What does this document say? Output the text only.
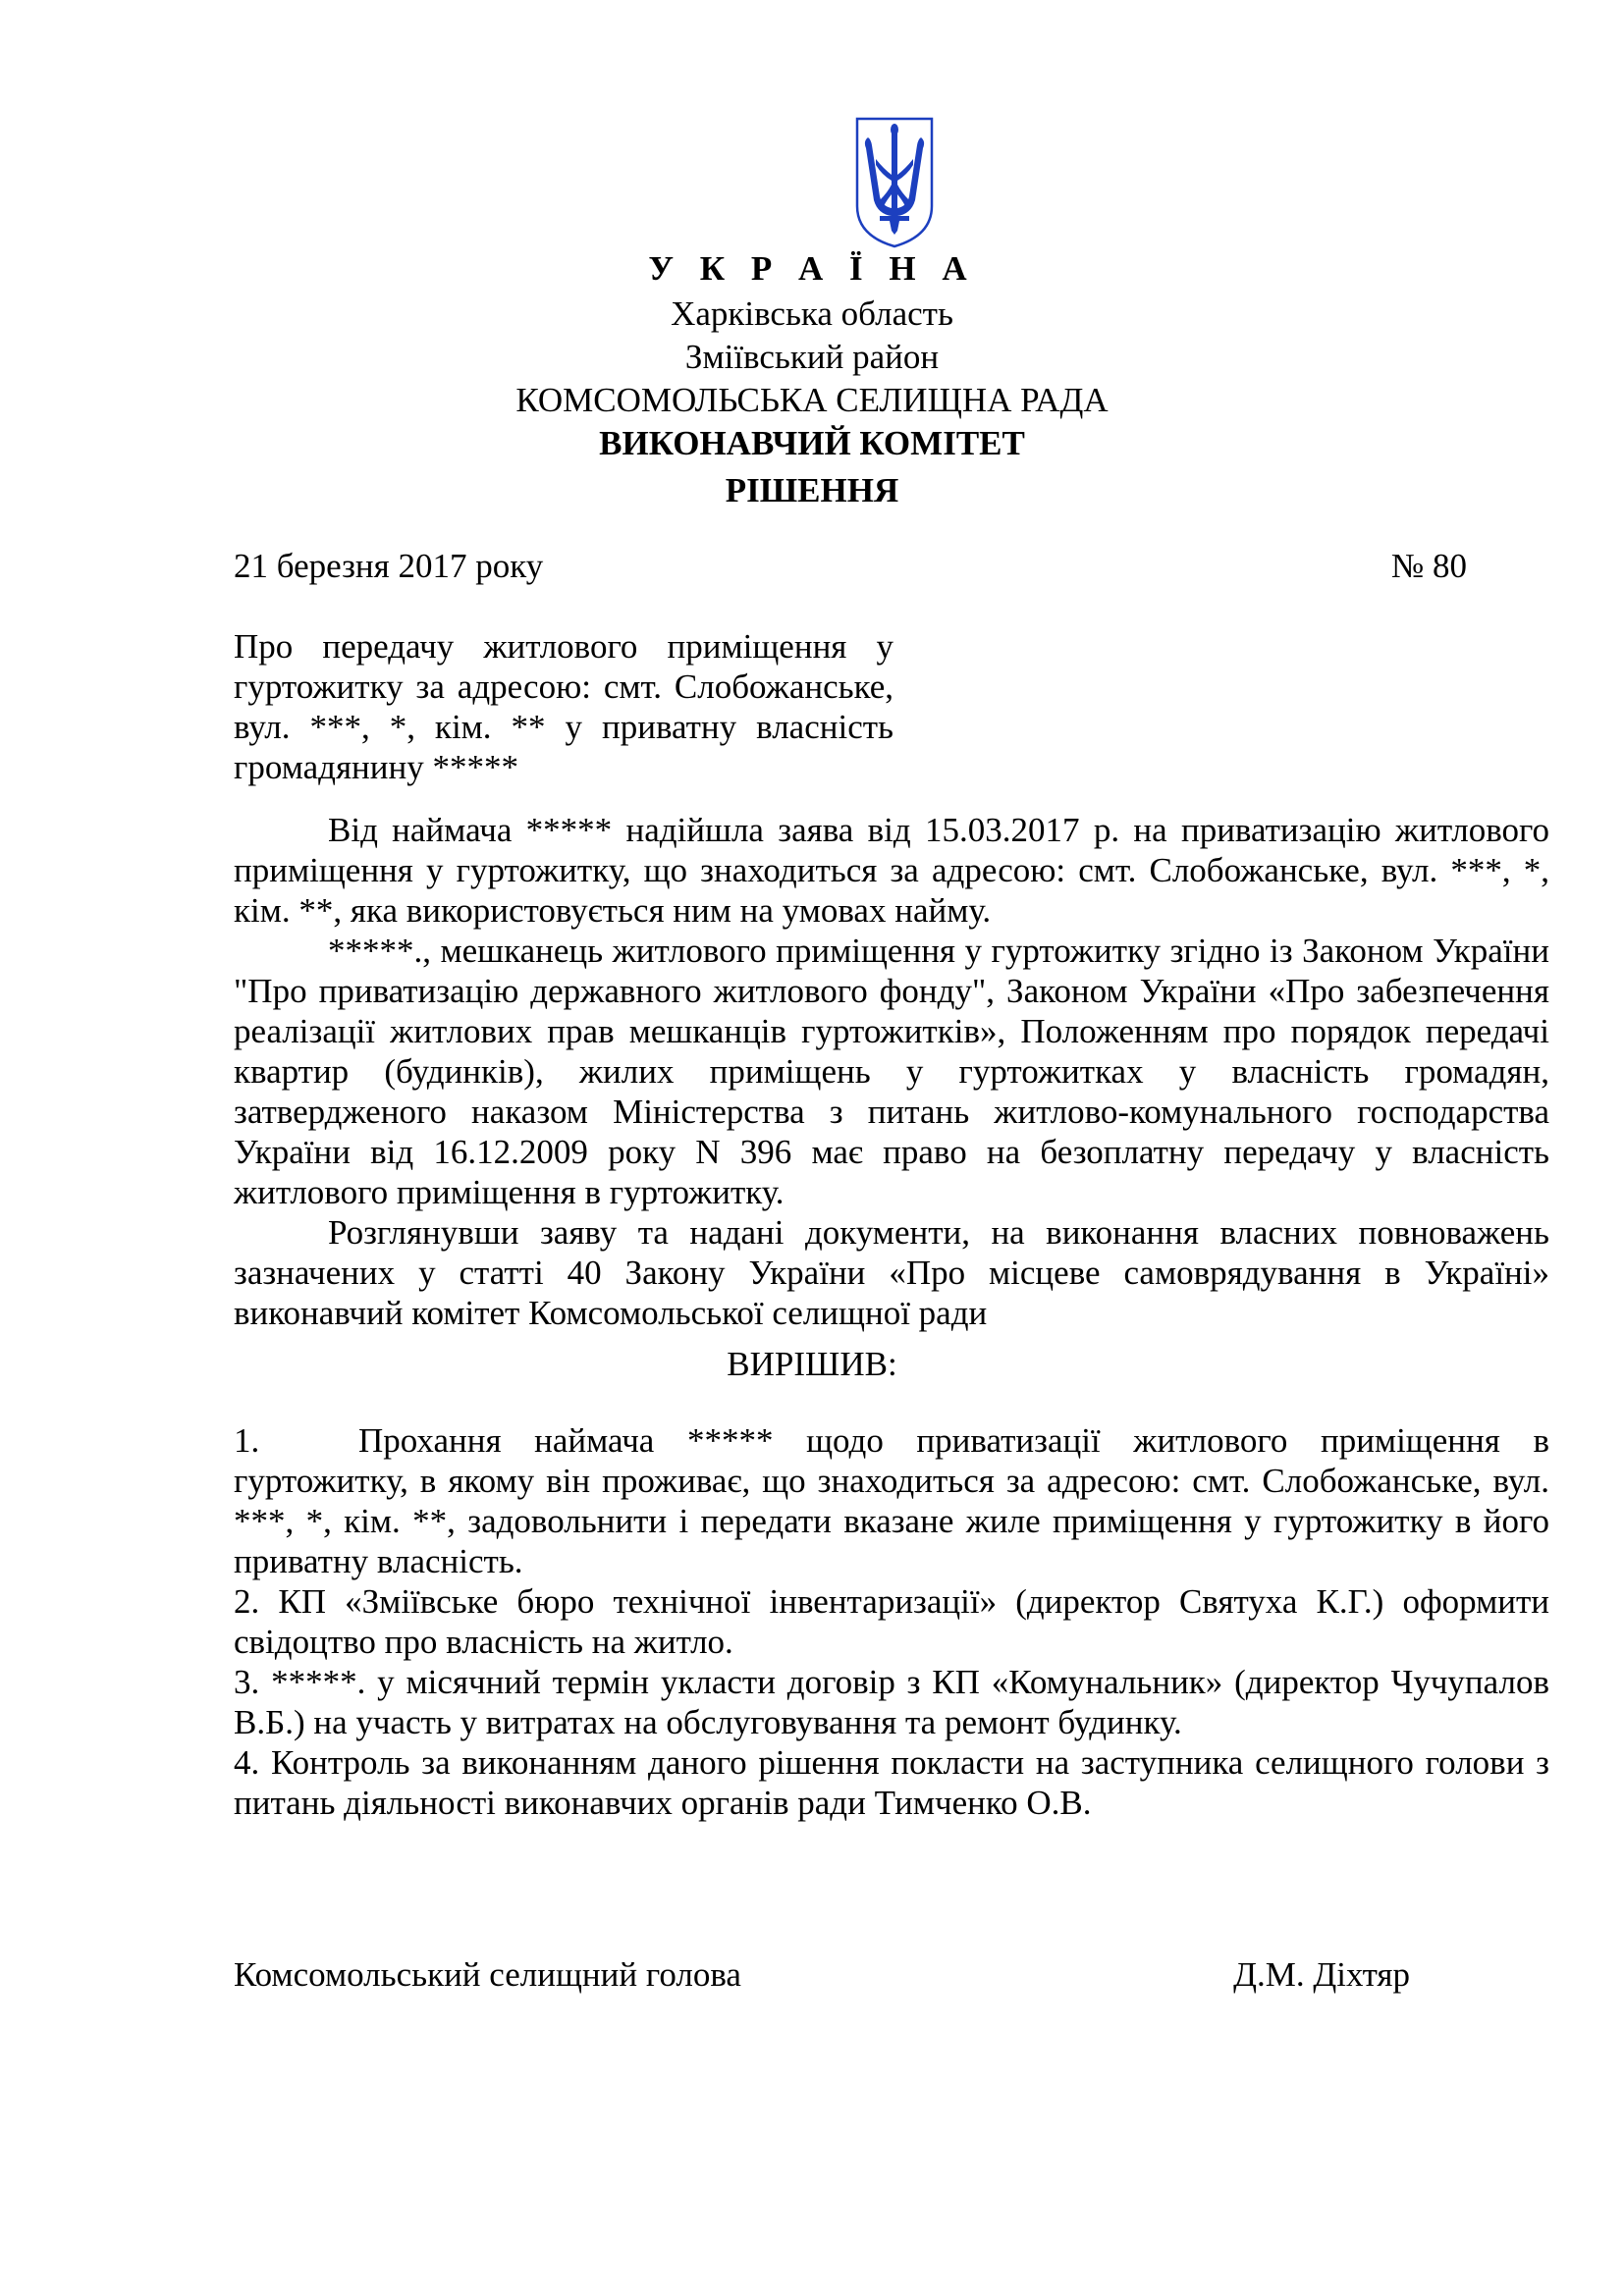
У К Р А Ї Н А
Харківська область
Зміївський район
КОМСОМОЛЬСЬКА СЕЛИЩНА РАДА
ВИКОНАВЧИЙ КОМІТЕТ
РІШЕННЯ
21 березня 2017 року	№ 80
Про передачу житлового приміщення у гуртожитку за адресою: смт. Слобожанське, вул. ***, *, кім. ** у приватну власність громадянину *****

Від наймача ***** надійшла заява від 15.03.2017 р. на приватизацію житлового приміщення у гуртожитку, що знаходиться за адресою: смт. Слобожанське, вул. ***, *, кім. **, яка використовується ним на умовах найму.

*****., мешканець житлового приміщення у гуртожитку згідно із Законом України "Про приватизацію державного житлового фонду", Законом України «Про забезпечення реалізації житлових прав мешканців гуртожитків», Положенням про порядок передачі квартир (будинків), жилих приміщень у гуртожитках у власність громадян, затвердженого наказом Міністерства з питань житлово-комунального господарства України від 16.12.2009 року N 396 має право на безоплатну передачу у власність житлового приміщення в гуртожитку.

Розглянувши заяву та надані документи, на виконання власних повноважень зазначених у статті 40 Закону України «Про місцеве самоврядування в Україні» виконавчий комітет Комсомольської селищної ради

ВИРІШИВ:

1.	Прохання наймача ***** щодо приватизації житлового приміщення в гуртожитку, в якому він проживає, що знаходиться за адресою: смт. Слобожанське, вул. ***, *, кім. **, задовольнити і передати вказане жиле приміщення у гуртожитку в його приватну власність.

2. КП «Зміївське бюро технічної інвентаризації» (директор Святуха К.Г.) оформити свідоцтво про власність на житло.

3. *****. у місячний термін укласти договір з КП «Комунальник» (директор Чучупалов В.Б.) на участь у витратах на обслуговування та ремонт будинку.

4. Контроль за виконанням даного рішення покласти на заступника селищного голови з питань діяльності виконавчих органів ради Тимченко О.В.

Комсомольський селищний голова	Д.М. Діхтяр
